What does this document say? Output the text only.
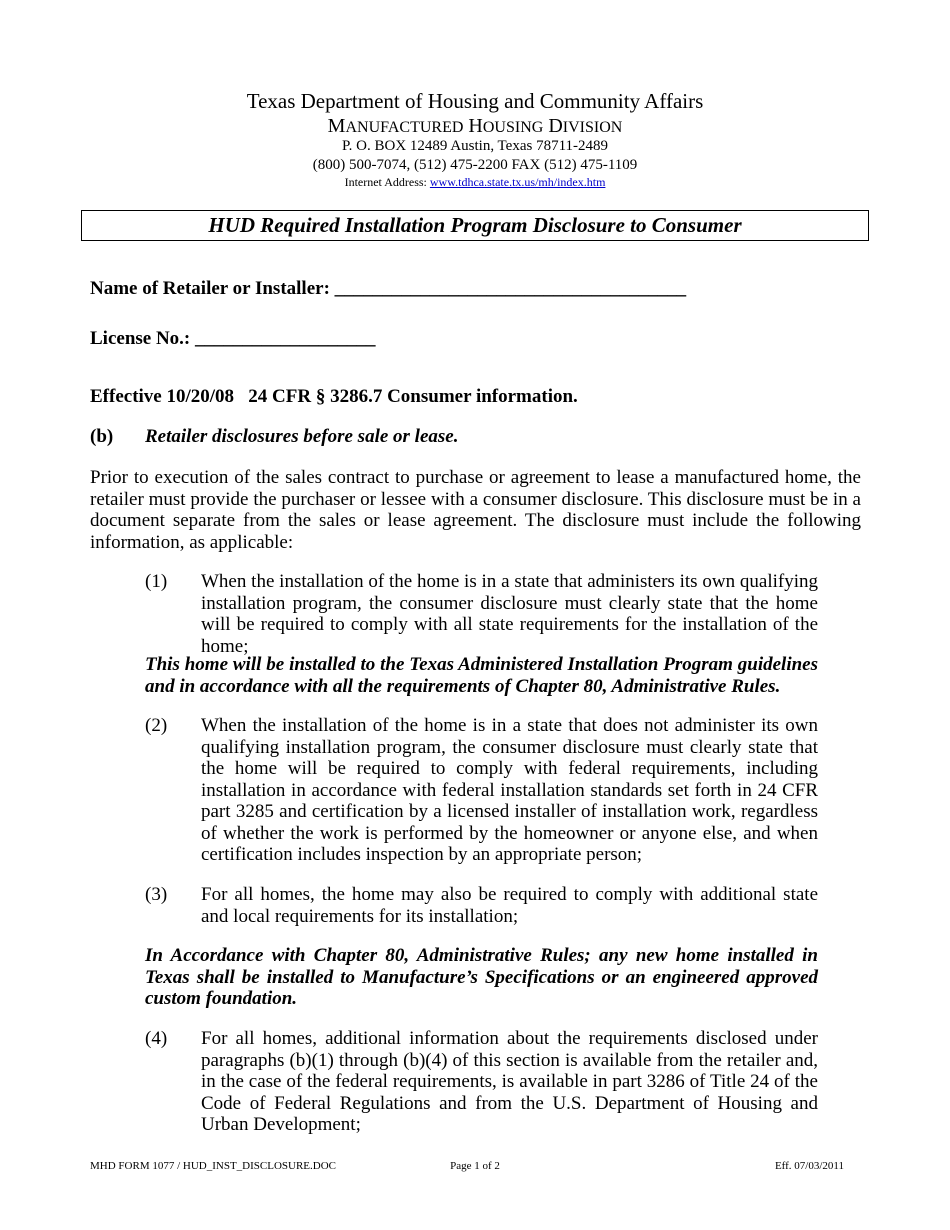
Texas Department of Housing and Community Affairs
MANUFACTURED HOUSING DIVISION
P. O. BOX 12489 Austin, Texas 78711-2489
(800) 500-7074, (512) 475-2200 FAX (512) 475-1109
Internet Address: www.tdhca.state.tx.us/mh/index.htm
HUD Required Installation Program Disclosure to Consumer
Name of Retailer or Installer: _____________________________________
License No.: ___________________
Effective 10/20/08   24 CFR § 3286.7 Consumer information.
(b) Retailer disclosures before sale or lease.
Prior to execution of the sales contract to purchase or agreement to lease a manufactured home, the retailer must provide the purchaser or lessee with a consumer disclosure. This disclosure must be in a document separate from the sales or lease agreement. The disclosure must include the following information, as applicable:
(1) When the installation of the home is in a state that administers its own qualifying installation program, the consumer disclosure must clearly state that the home will be required to comply with all state requirements for the installation of the home;
This home will be installed to the Texas Administered Installation Program guidelines and in accordance with all the requirements of Chapter 80, Administrative Rules.
(2) When the installation of the home is in a state that does not administer its own qualifying installation program, the consumer disclosure must clearly state that the home will be required to comply with federal requirements, including installation in accordance with federal installation standards set forth in 24 CFR part 3285 and certification by a licensed installer of installation work, regardless of whether the work is performed by the homeowner or anyone else, and when certification includes inspection by an appropriate person;
(3) For all homes, the home may also be required to comply with additional state and local requirements for its installation;
In Accordance with Chapter 80, Administrative Rules; any new home installed in Texas shall be installed to Manufacture’s Specifications or an engineered approved custom foundation.
(4) For all homes, additional information about the requirements disclosed under paragraphs (b)(1) through (b)(4) of this section is available from the retailer and, in the case of the federal requirements, is available in part 3286 of Title 24 of the Code of Federal Regulations and from the U.S. Department of Housing and Urban Development;
MHD FORM 1077 / HUD_INST_DISCLOSURE.DOC	Page 1 of 2	Eff. 07/03/2011
